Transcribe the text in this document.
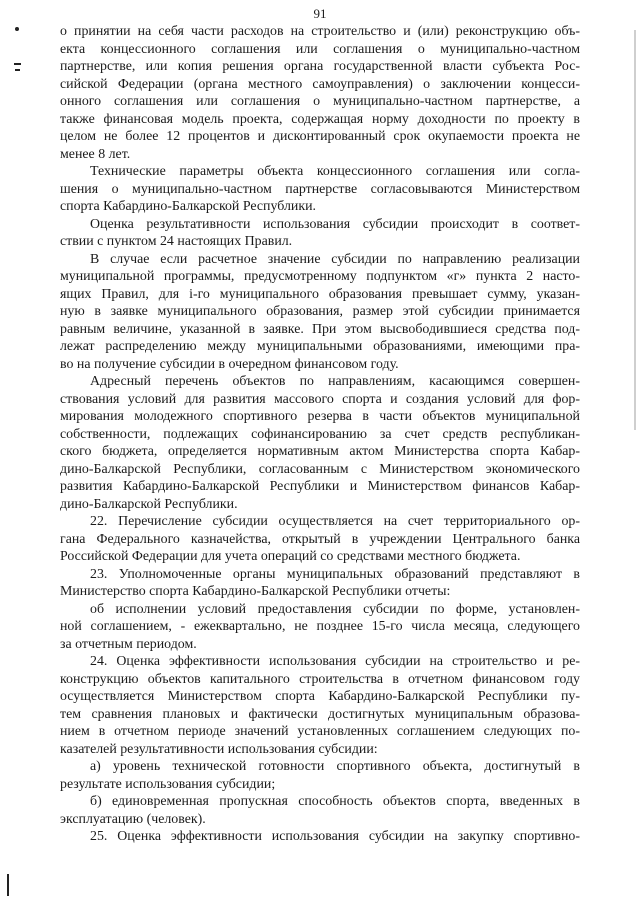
91
о принятии на себя части расходов на строительство и (или) реконструкцию объ-
екта концессионного соглашения или соглашения о муниципально-частном
партнерстве, или копия решения органа государственной власти субъекта Рос-
сийской Федерации (органа местного самоуправления) о заключении концесси-
онного соглашения или соглашения о муниципально-частном партнерстве, а
также финансовая модель проекта, содержащая норму доходности по проекту в
целом не более 12 процентов и дисконтированный срок окупаемости проекта не
менее 8 лет.
Технические параметры объекта концессионного соглашения или согла-
шения о муниципально-частном партнерстве согласовываются Министерством
спорта Кабардино-Балкарской Республики.
Оценка результативности использования субсидии происходит в соответ-
ствии с пунктом 24 настоящих Правил.
В случае если расчетное значение субсидии по направлению реализации
муниципальной программы, предусмотренному подпунктом «г» пункта 2 насто-
ящих Правил, для i-го муниципального образования превышает сумму, указан-
ную в заявке муниципального образования, размер этой субсидии принимается
равным величине, указанной в заявке. При этом высвободившиеся средства под-
лежат распределению между муниципальными образованиями, имеющими пра-
во на получение субсидии в очередном финансовом году.
Адресный перечень объектов по направлениям, касающимся совершен-
ствования условий для развития массового спорта и создания условий для фор-
мирования молодежного спортивного резерва в части объектов муниципальной
собственности, подлежащих софинансированию за счет средств республикан-
ского бюджета, определяется нормативным актом Министерства спорта Кабар-
дино-Балкарской Республики, согласованным с Министерством экономического
развития Кабардино-Балкарской Республики и Министерством финансов Кабар-
дино-Балкарской Республики.
22. Перечисление субсидии осуществляется на счет территориального ор-
гана Федерального казначейства, открытый в учреждении Центрального банка
Российской Федерации для учета операций со средствами местного бюджета.
23. Уполномоченные органы муниципальных образований представляют в
Министерство спорта Кабардино-Балкарской Республики отчеты:
об исполнении условий предоставления субсидии по форме, установлен-
ной соглашением, - ежеквартально, не позднее 15-го числа месяца, следующего
за отчетным периодом.
24. Оценка эффективности использования субсидии на строительство и ре-
конструкцию объектов капитального строительства в отчетном финансовом году
осуществляется Министерством спорта Кабардино-Балкарской Республики пу-
тем сравнения плановых и фактически достигнутых муниципальным образова-
нием в отчетном периоде значений установленных соглашением следующих по-
казателей результативности использования субсидии:
а) уровень технической готовности спортивного объекта, достигнутый в
результате использования субсидии;
б) единовременная пропускная способность объектов спорта, введенных в
эксплуатацию (человек).
25. Оценка эффективности использования субсидии на закупку спортивно-
